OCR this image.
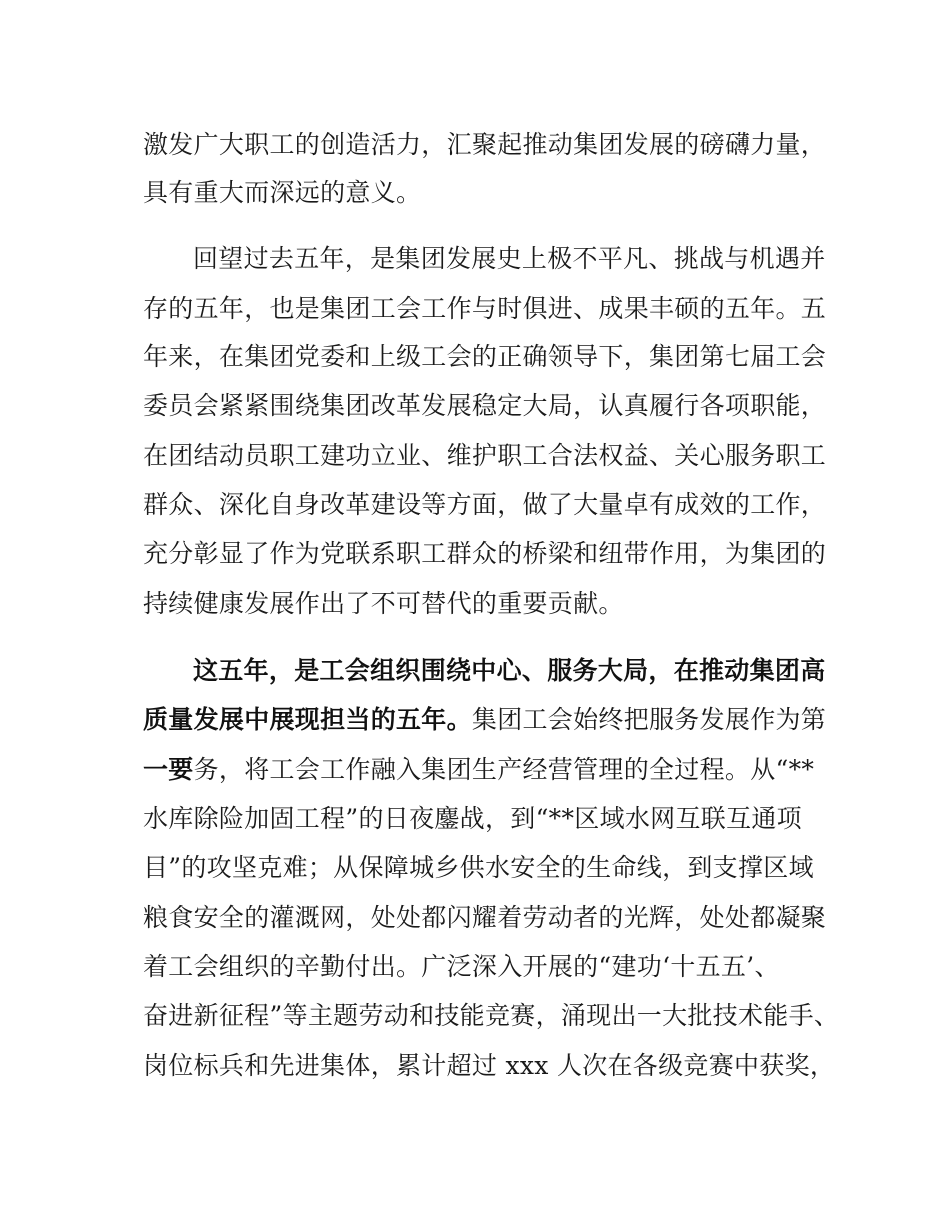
激发广大职工的创造活力，汇聚起推动集团发展的磅礴力量，
具有重大而深远的意义。
回望过去五年，是集团发展史上极不平凡、挑战与机遇并
存的五年，也是集团工会工作与时俱进、成果丰硕的五年。五
年来，在集团党委和上级工会的正确领导下，集团第七届工会
委员会紧紧围绕集团改革发展稳定大局，认真履行各项职能，
在团结动员职工建功立业、维护职工合法权益、关心服务职工
群众、深化自身改革建设等方面，做了大量卓有成效的工作，
充分彰显了作为党联系职工群众的桥梁和纽带作用，为集团的
持续健康发展作出了不可替代的重要贡献。
这五年，是工会组织围绕中心、服务大局，在推动集团高
质量发展中展现担当的五年。集团工会始终把服务发展作为第
一要务，将工会工作融入集团生产经营管理的全过程。从“**
水库除险加固工程”的日夜鏖战，到“**区域水网互联互通项
目”的攻坚克难；从保障城乡供水安全的生命线，到支撑区域
粮食安全的灌溉网，处处都闪耀着劳动者的光辉，处处都凝聚
着工会组织的辛勤付出。广泛深入开展的“建功‘十五五’、
奋进新征程”等主题劳动和技能竞赛，涌现出一大批技术能手、
岗位标兵和先进集体，累计超过 xxx 人次在各级竞赛中获奖，
